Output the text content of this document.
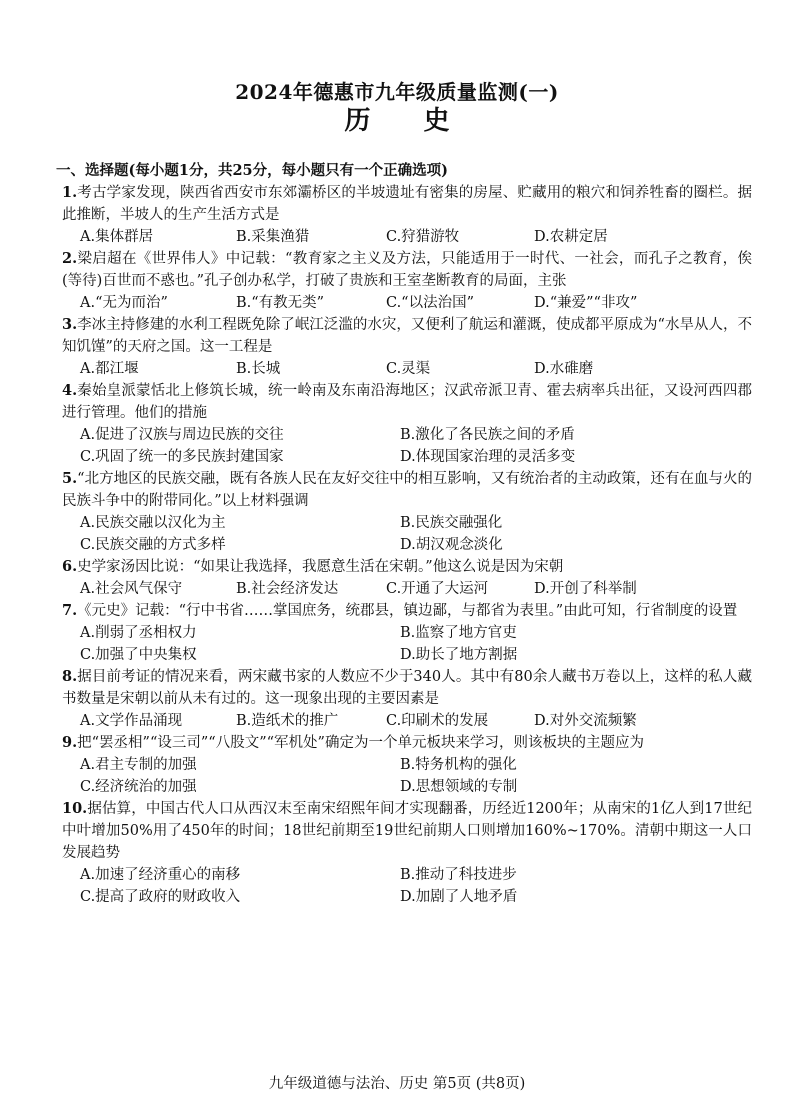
2024年德惠市九年级质量监测(一)
历 史
一、选择题(每小题1分，共25分，每小题只有一个正确选项)
1.考古学家发现，陕西省西安市东郊灞桥区的半坡遗址有密集的房屋、贮藏用的粮穴和饲养牲畜的圈栏。据此推断，半坡人的生产生活方式是
A.集体群居	B.采集渔猎	C.狩猎游牧	D.农耕定居
2.梁启超在《世界伟人》中记载：“教育家之主义及方法，只能适用于一时代、一社会，而孔子之教育，俟(等待)百世而不惑也。”孔子创办私学，打破了贵族和王室垄断教育的局面，主张
A.“无为而治”	B.“有教无类”	C.“以法治国”	D.“兼爱”“非攻”
3.李冰主持修建的水利工程既免除了岷江泛滥的水灾，又便利了航运和灌溉，使成都平原成为“水旱从人，不知饥馑”的天府之国。这一工程是
A.都江堰	B.长城	C.灵渠	D.水碓磨
4.秦始皇派蒙恬北上修筑长城，统一岭南及东南沿海地区；汉武帝派卫青、霍去病率兵出征，又设河西四郡进行管理。他们的措施
A.促进了汉族与周边民族的交往	B.激化了各民族之间的矛盾
C.巩固了统一的多民族封建国家	D.体现国家治理的灵活多变
5.“北方地区的民族交融，既有各族人民在友好交往中的相互影响，又有统治者的主动政策，还有在血与火的民族斗争中的附带同化。”以上材料强调
A.民族交融以汉化为主	B.民族交融强化
C.民族交融的方式多样	D.胡汉观念淡化
6.史学家汤因比说：“如果让我选择，我愿意生活在宋朝。”他这么说是因为宋朝
A.社会风气保守	B.社会经济发达	C.开通了大运河	D.开创了科举制
7.《元史》记载：“行中书省……掌国庶务，统郡县，镇边鄙，与都省为表里。”由此可知，行省制度的设置
A.削弱了丞相权力	B.监察了地方官吏
C.加强了中央集权	D.助长了地方割据
8.据目前考证的情况来看，两宋藏书家的人数应不少于340人。其中有80余人藏书万卷以上，这样的私人藏书数量是宋朝以前从未有过的。这一现象出现的主要因素是
A.文学作品涌现	B.造纸术的推广	C.印刷术的发展	D.对外交流频繁
9.把“罢丞相”“设三司”“八股文”“军机处”确定为一个单元板块来学习，则该板块的主题应为
A.君主专制的加强	B.特务机构的强化
C.经济统治的加强	D.思想领域的专制
10.据估算，中国古代人口从西汉末至南宋绍熙年间才实现翻番，历经近1200年；从南宋的1亿人到17世纪中叶增加50%用了450年的时间；18世纪前期至19世纪前期人口则增加160%~170%。清朝中期这一人口发展趋势
A.加速了经济重心的南移	B.推动了科技进步
C.提高了政府的财政收入	D.加剧了人地矛盾
九年级道德与法治、历史 第5页 (共8页)
